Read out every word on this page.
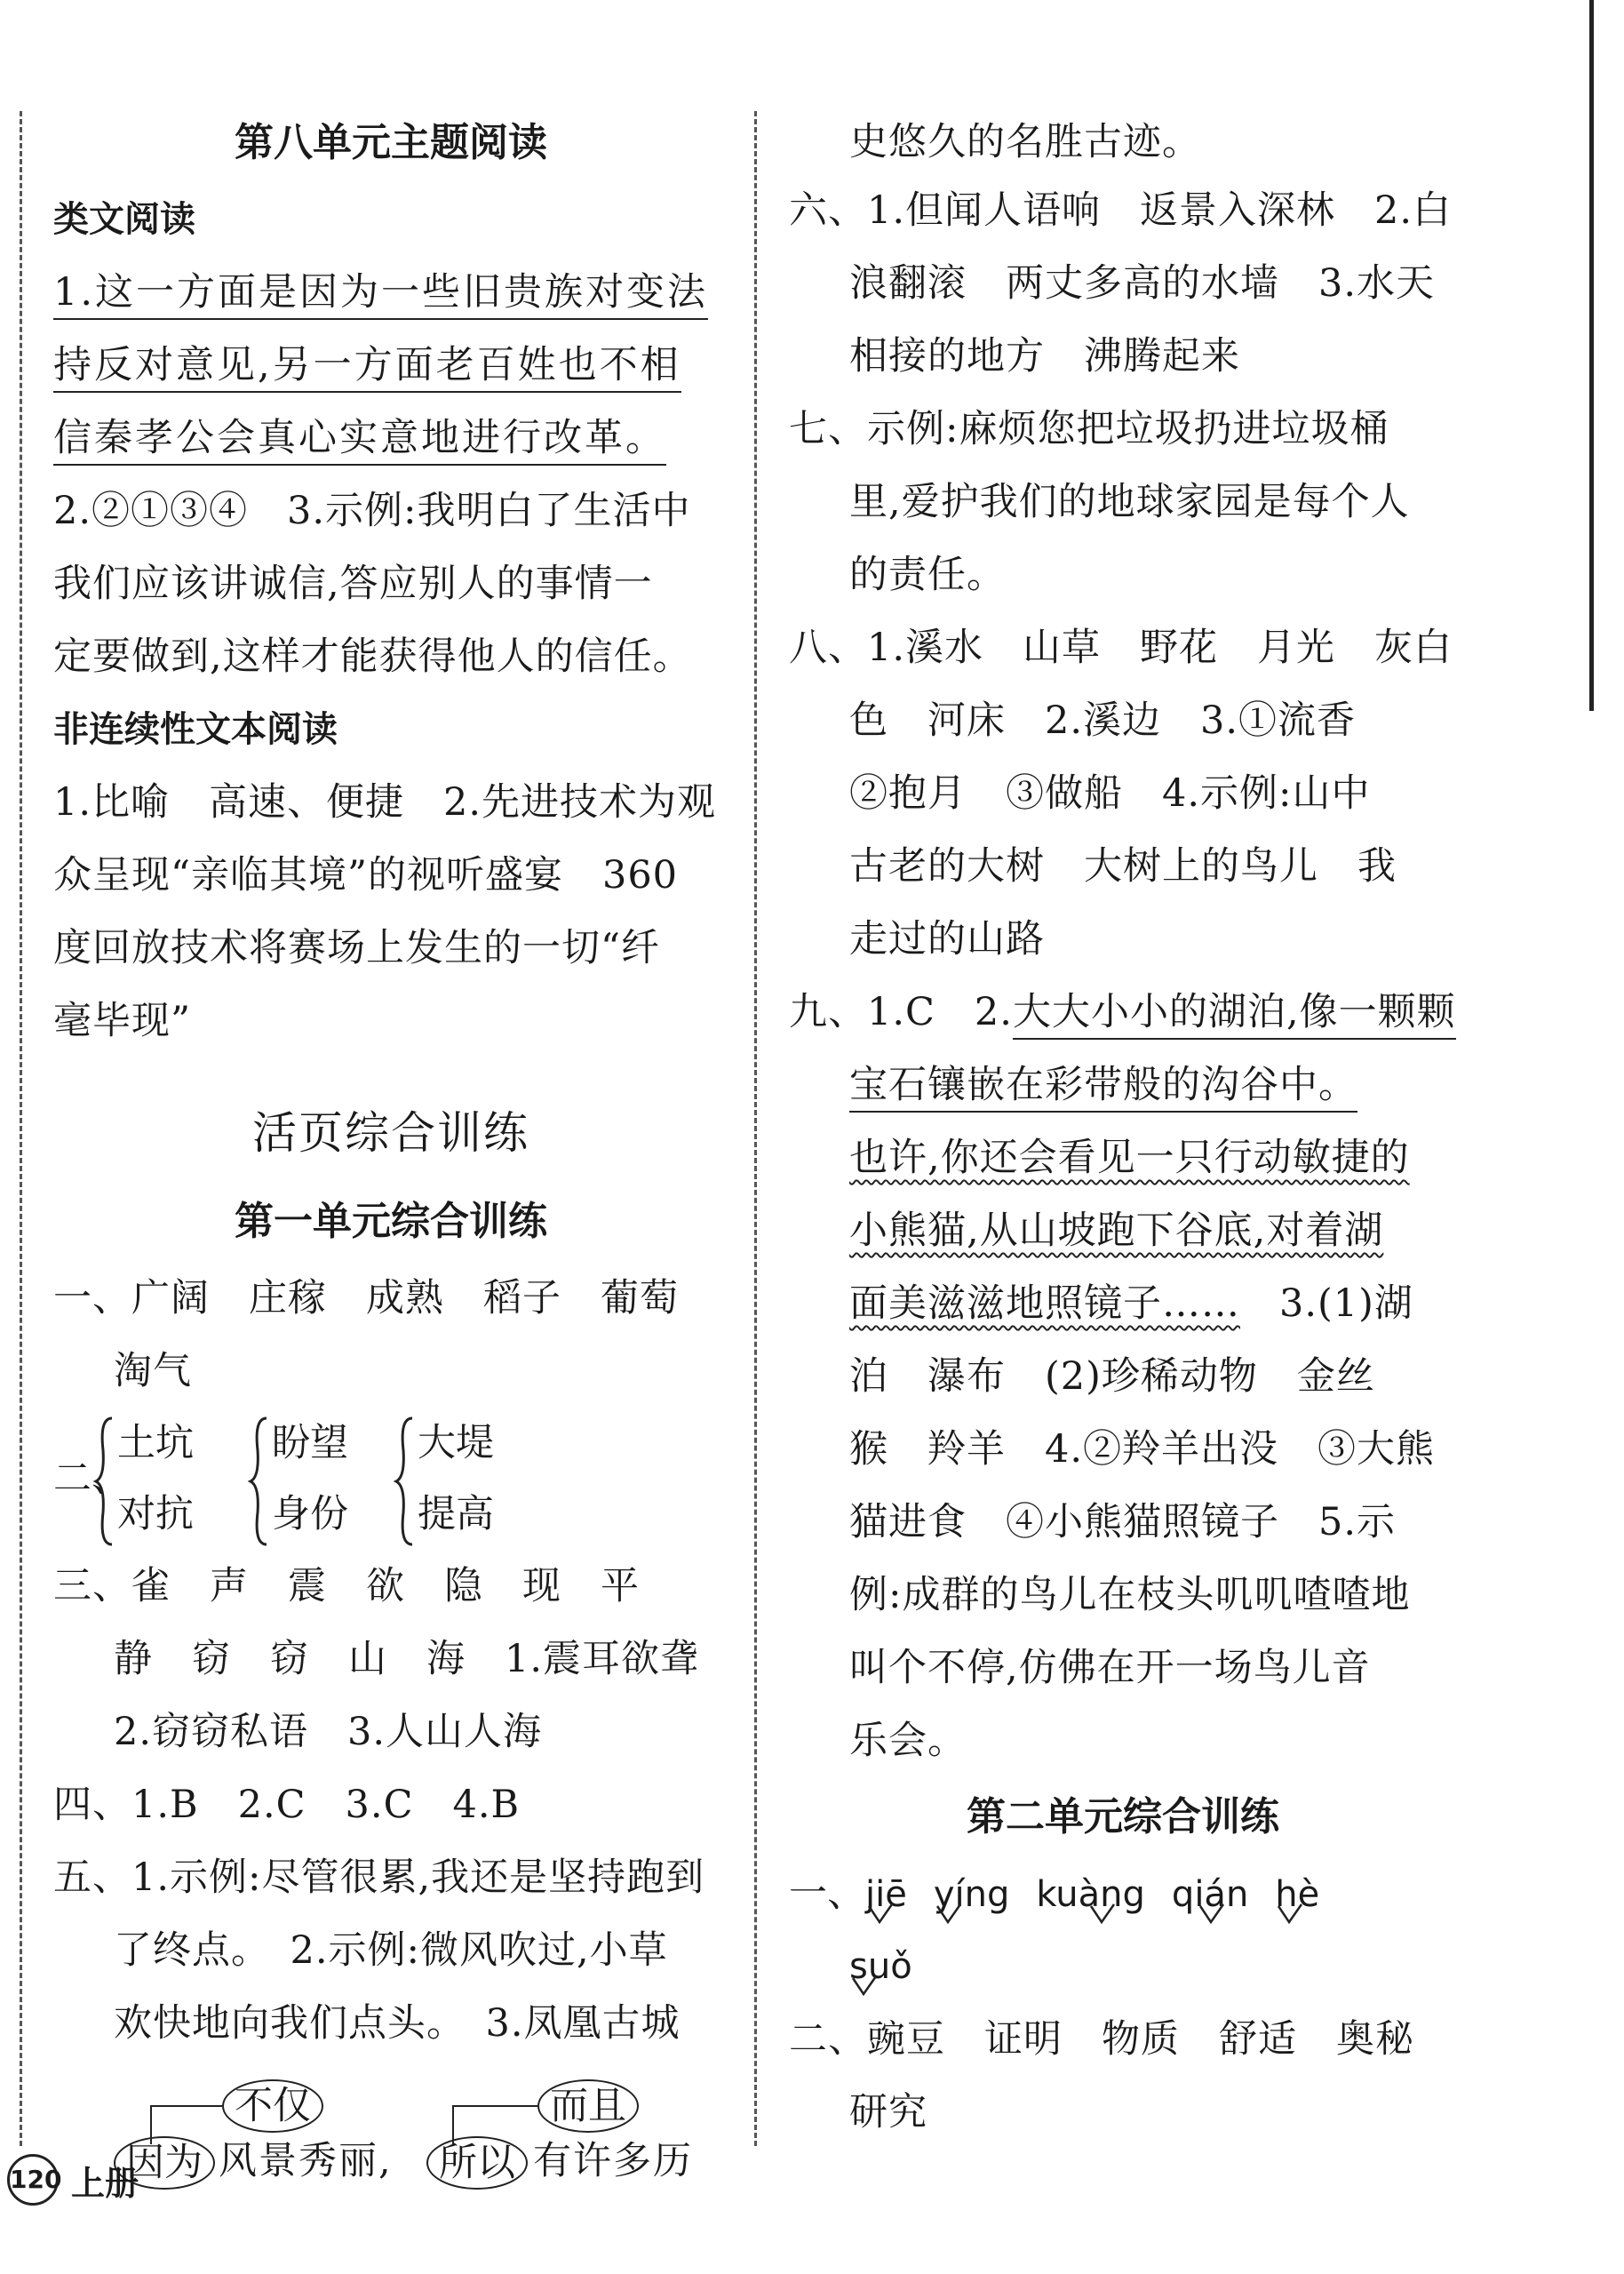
第八单元主题阅读
类文阅读
1.这一方面是因为一些旧贵族对变法
持反对意见,另一方面老百姓也不相
信秦孝公会真心实意地进行改革。
2.②①③④　3.示例:我明白了生活中
我们应该讲诚信,答应别人的事情一
定要做到,这样才能获得他人的信任。
非连续性文本阅读
1.比喻　高速、便捷　2.先进技术为观
众呈现“亲临其境”的视听盛宴　360
度回放技术将赛场上发生的一切“纤
毫毕现”
活页综合训练
第一单元综合训练
一、广阔　庄稼　成熟　稻子　葡萄
淘气
二、
土坑
对抗
盼望
身份
大堤
提高
三、雀　声　震　欲　隐　现　平
静　窃　窃　山　海　1.震耳欲聋
2.窃窃私语　3.人山人海
四、1.B　2.C　3.C　4.B
五、1.示例:尽管很累,我还是坚持跑到
了终点。　2.示例:微风吹过,小草
欢快地向我们点头。　3.凤凰古城
不仅	而且
因为 风景秀丽,	所以 有许多历
史悠久的名胜古迹。
六、1.但闻人语响　返景入深林　2.白
浪翻滚　两丈多高的水墙　3.水天
相接的地方　沸腾起来
七、示例:麻烦您把垃圾扔进垃圾桶
里,爱护我们的地球家园是每个人
的责任。
八、1.溪水　山草　野花　月光　灰白
色　河床　2.溪边　3.①流香
②抱月　③做船　4.示例:山中
古老的大树　大树上的鸟儿　我
走过的山路
九、1.C　2.大大小小的湖泊,像一颗颗
宝石镶嵌在彩带般的沟谷中。
也许,你还会看见一只行动敏捷的
小熊猫,从山坡跑下谷底,对着湖
面美滋滋地照镜子……　3.(1)湖
泊　瀑布　(2)珍稀动物　金丝
猴　羚羊　4.②羚羊出没　③大熊
猫进食　④小熊猫照镜子　5.示
例:成群的鸟儿在枝头叽叽喳喳地
叫个不停,仿佛在开一场鸟儿音
乐会。
第二单元综合训练
一、jiē yíng kuàng qián hè
suǒ
二、豌豆　证明　物质　舒适　奥秘
研究
120 上册
